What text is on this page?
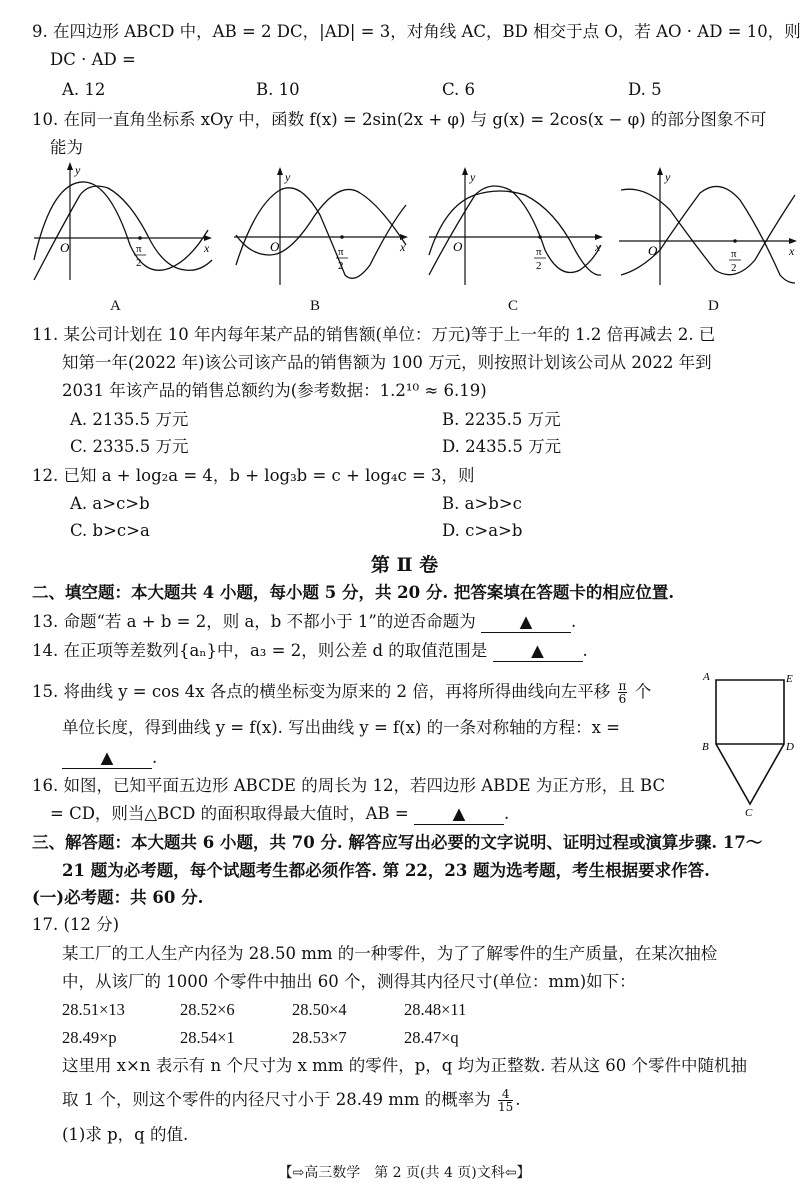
9. 在四边形 ABCD 中，AB = 2 DC，|AD| = 3，对角线 AC，BD 相交于点 O，若 AO · AD = 10，则
DC · AD =
A. 12	B. 10	C. 6	D. 5
10. 在同一直角坐标系 xOy 中，函数 f(x) = 2sin(2x + φ) 与 g(x) = 2cos(x − φ) 的部分图象不可
能为
O
y
x
π
2
A
O
y
x
π
2
B
O
y
x
π
2
C
O
y
x
π
2
D
11. 某公司计划在 10 年内每年某产品的销售额(单位：万元)等于上一年的 1.2 倍再减去 2. 已
知第一年(2022 年)该公司该产品的销售额为 100 万元，则按照计划该公司从 2022 年到
2031 年该产品的销售总额约为(参考数据：1.2¹⁰ ≈ 6.19)
A. 2135.5 万元	B. 2235.5 万元
C. 2335.5 万元	D. 2435.5 万元
12. 已知 a + log₂a = 4，b + log₃b = c + log₄c = 3，则
A. a>c>b	B. a>b>c
C. b>c>a	D. c>a>b
第 Ⅱ 卷
二、填空题：本大题共 4 小题，每小题 5 分，共 20 分. 把答案填在答题卡的相应位置.
13. 命题“若 a + b = 2，则 a，b 不都小于 1”的逆否命题为	▲ .
14. 在正项等差数列{aₙ}中，a₃ = 2，则公差 d 的取值范围是	▲ .
15. 将曲线 y = cos 4x 各点的横坐标变为原来的 2 倍，再将所得曲线向左平移 $\frac{\pi}{6}$ 个
单位长度，得到曲线 y = f(x). 写出曲线 y = f(x) 的一条对称轴的方程：x =
▲ .
16. 如图，已知平面五边形 ABCDE 的周长为 12，若四边形 ABDE 为正方形，且 BC
= CD，则当△BCD 的面积取得最大值时，AB =	▲ .
A	E
B	D
C
三、解答题：本大题共 6 小题，共 70 分. 解答应写出必要的文字说明、证明过程或演算步骤. 17～
21 题为必考题，每个试题考生都必须作答. 第 22，23 题为选考题，考生根据要求作答.
(一)必考题：共 60 分.
17. (12 分)
某工厂的工人生产内径为 28.50 mm 的一种零件，为了了解零件的生产质量，在某次抽检
中，从该厂的 1000 个零件中抽出 60 个，测得其内径尺寸(单位：mm)如下：
28.51×13	28.52×6	28.50×4	28.48×11
28.49×p	28.54×1	28.53×7	28.47×q
这里用 x×n 表示有 n 个尺寸为 x mm 的零件，p，q 均为正整数. 若从这 60 个零件中随机抽
取 1 个，则这个零件的内径尺寸小于 28.49 mm 的概率为 $\frac{4}{15}$ .
(1)求 p，q 的值.
【⇨高三数学　第 2 页(共 4 页)文科⇦】
